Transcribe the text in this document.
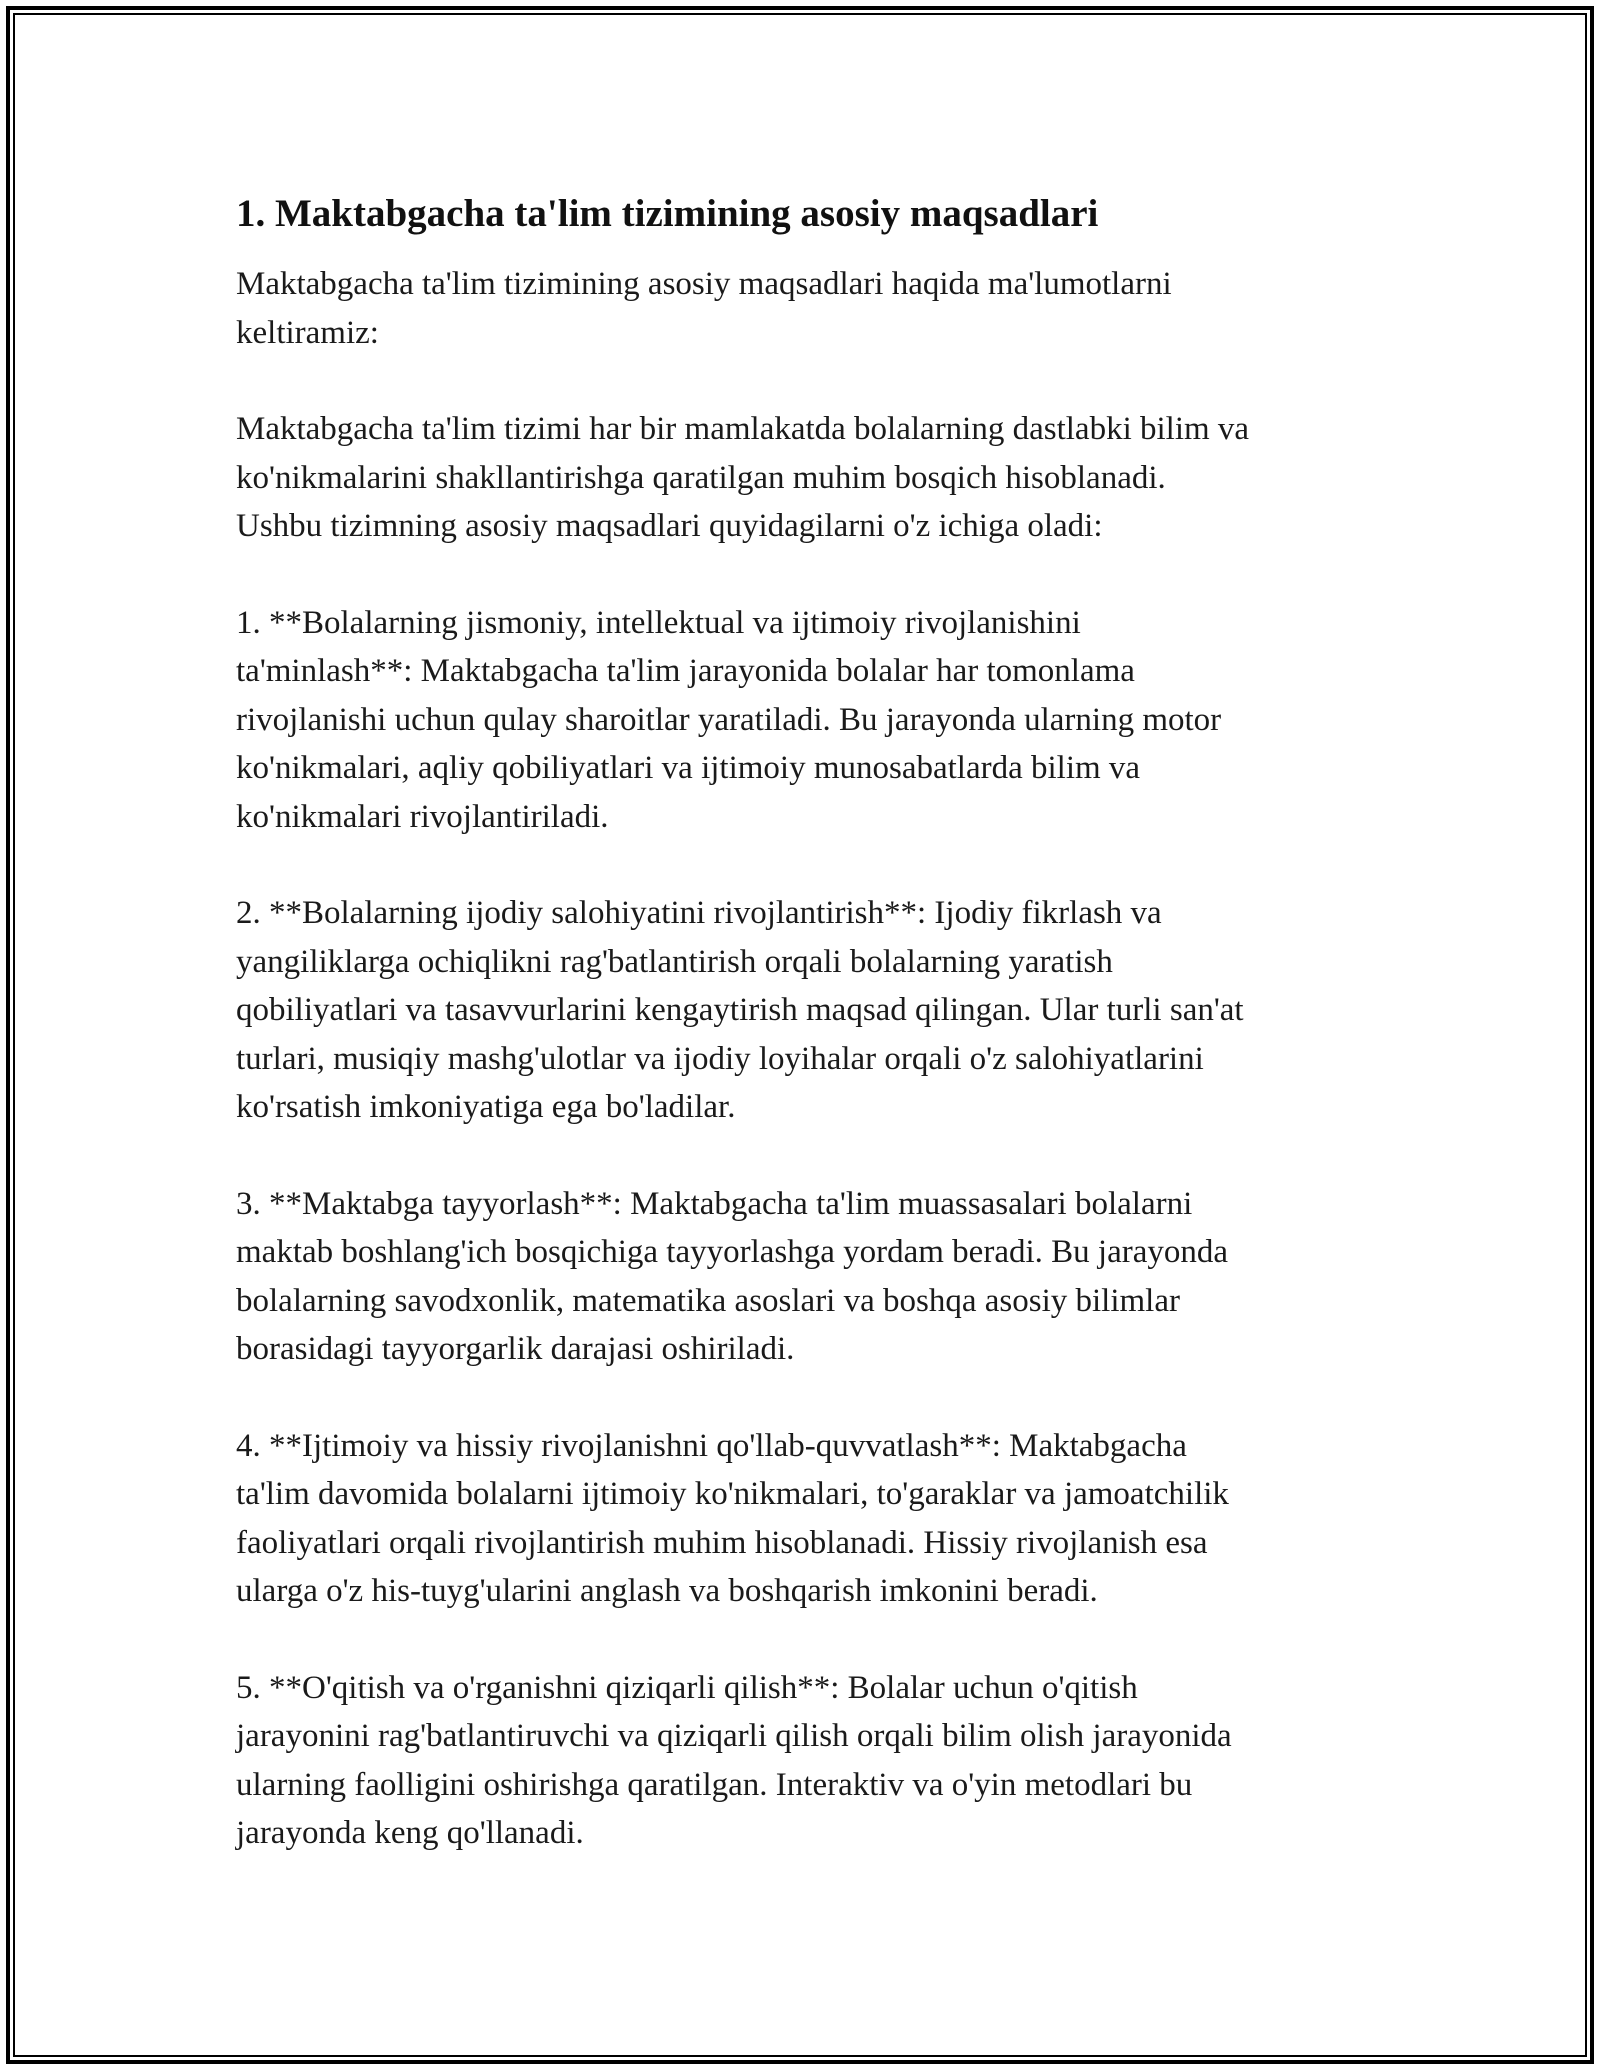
1. Maktabgacha ta'lim tizimining asosiy maqsadlari

Maktabgacha ta'lim tizimining asosiy maqsadlari haqida ma'lumotlarni
keltiramiz:

Maktabgacha ta'lim tizimi har bir mamlakatda bolalarning dastlabki bilim va
ko'nikmalarini shakllantirishga qaratilgan muhim bosqich hisoblanadi.
Ushbu tizimning asosiy maqsadlari quyidagilarni o'z ichiga oladi:

1. **Bolalarning jismoniy, intellektual va ijtimoiy rivojlanishini
ta'minlash**: Maktabgacha ta'lim jarayonida bolalar har tomonlama
rivojlanishi uchun qulay sharoitlar yaratiladi. Bu jarayonda ularning motor
ko'nikmalari, aqliy qobiliyatlari va ijtimoiy munosabatlarda bilim va
ko'nikmalari rivojlantiriladi.

2. **Bolalarning ijodiy salohiyatini rivojlantirish**: Ijodiy fikrlash va
yangiliklarga ochiqlikni rag'batlantirish orqali bolalarning yaratish
qobiliyatlari va tasavvurlarini kengaytirish maqsad qilingan. Ular turli san'at
turlari, musiqiy mashg'ulotlar va ijodiy loyihalar orqali o'z salohiyatlarini
ko'rsatish imkoniyatiga ega bo'ladilar.

3. **Maktabga tayyorlash**: Maktabgacha ta'lim muassasalari bolalarni
maktab boshlang'ich bosqichiga tayyorlashga yordam beradi. Bu jarayonda
bolalarning savodxonlik, matematika asoslari va boshqa asosiy bilimlar
borasidagi tayyorgarlik darajasi oshiriladi.

4. **Ijtimoiy va hissiy rivojlanishni qo'llab-quvvatlash**: Maktabgacha
ta'lim davomida bolalarni ijtimoiy ko'nikmalari, to'garaklar va jamoatchilik
faoliyatlari orqali rivojlantirish muhim hisoblanadi. Hissiy rivojlanish esa
ularga o'z his-tuyg'ularini anglash va boshqarish imkonini beradi.

5. **O'qitish va o'rganishni qiziqarli qilish**: Bolalar uchun o'qitish
jarayonini rag'batlantiruvchi va qiziqarli qilish orqali bilim olish jarayonida
ularning faolligini oshirishga qaratilgan. Interaktiv va o'yin metodlari bu
jarayonda keng qo'llanadi.
